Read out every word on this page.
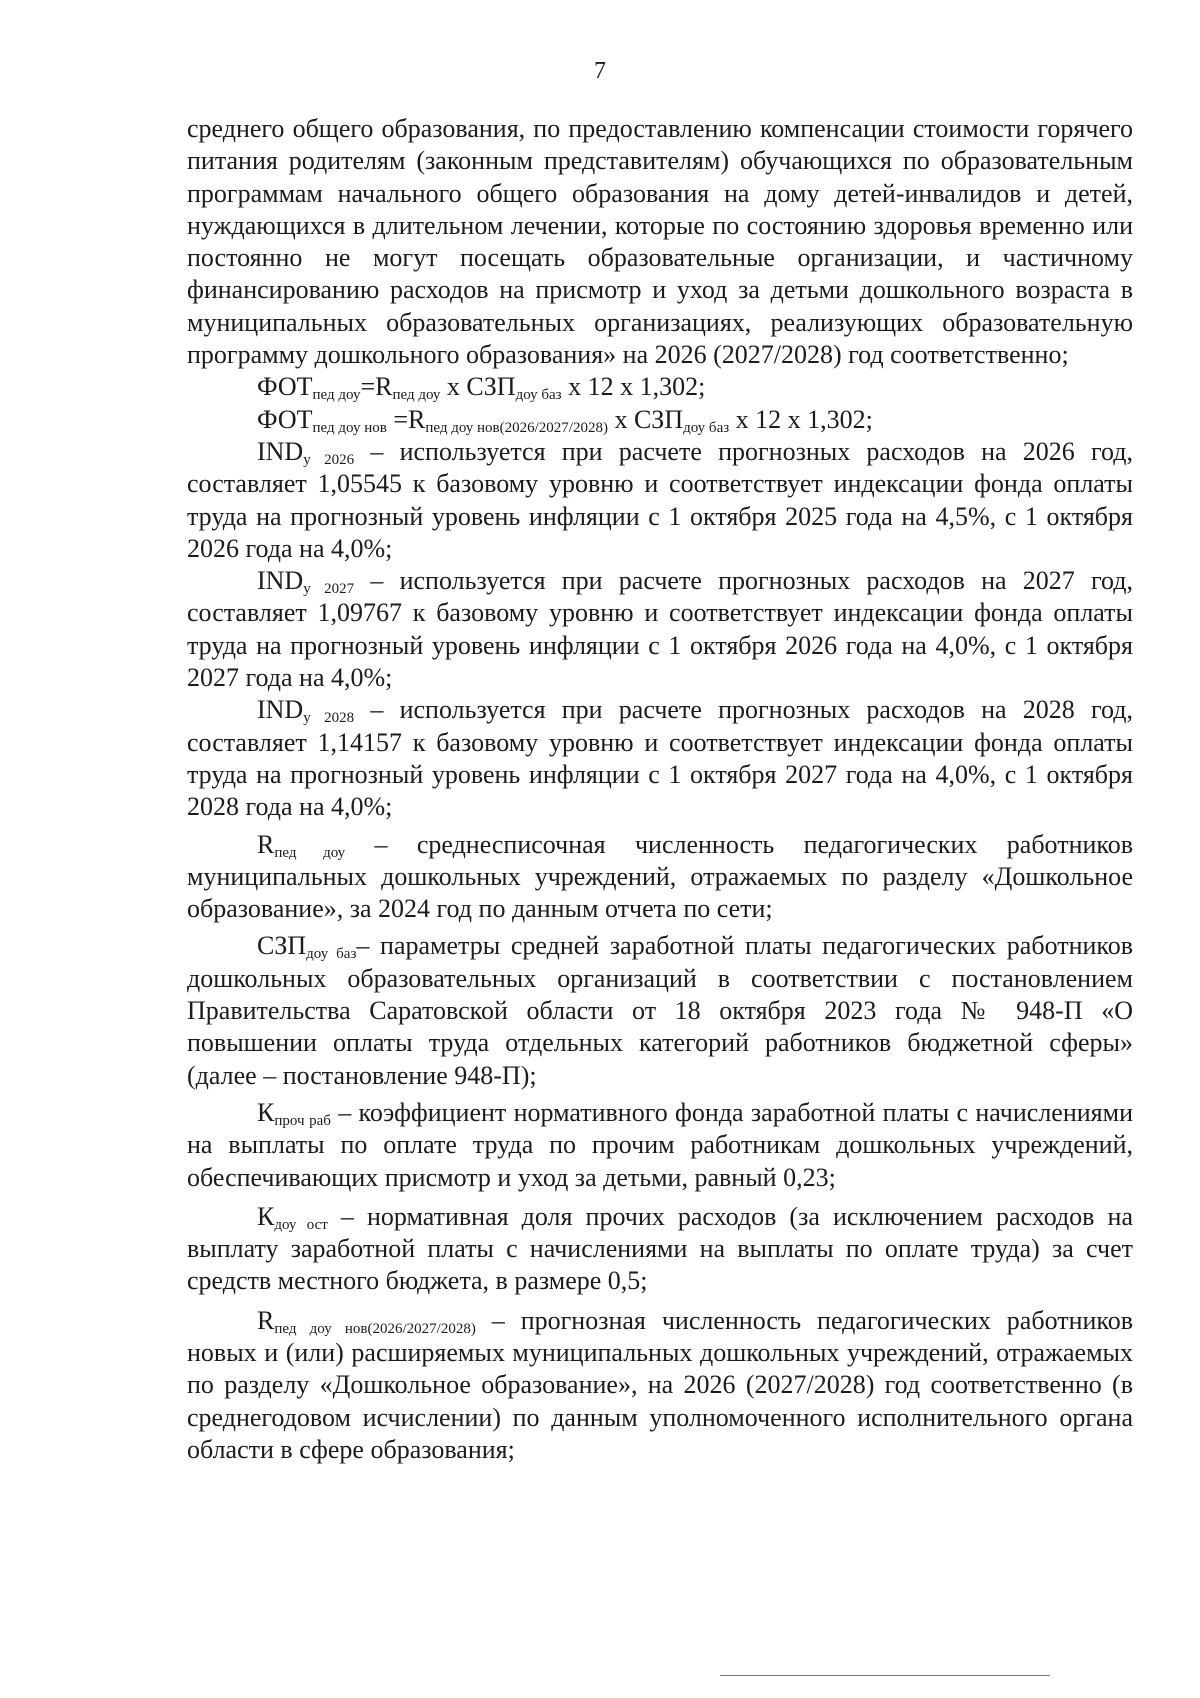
7

среднего общего образования, по предоставлению компенсации стоимости горячего питания родителям (законным представителям) обучающихся по образовательным программам начального общего образования на дому детей-инвалидов и детей, нуждающихся в длительном лечении, которые по состоянию здоровья временно или постоянно не могут посещать образовательные организации, и частичному финансированию расходов на присмотр и уход за детьми дошкольного возраста в муниципальных образовательных организациях, реализующих образовательную программу дошкольного образования» на 2026 (2027/2028) год соответственно;

$ФОТ_{пед доу}=R_{пед доу}$ х $СЗП_{доу баз}$ х 12 х 1,302;

$ФОТ_{пед доу нов} =R_{пед доу нов(2026/2027/2028)}$ х $СЗП_{доу баз}$ х 12 х 1,302;

$IND_{у 2026}$ – используется при расчете прогнозных расходов на 2026 год, составляет 1,05545 к базовому уровню и соответствует индексации фонда оплаты труда на прогнозный уровень инфляции с 1 октября 2025 года на 4,5%, с 1 октября 2026 года на 4,0%;

$IND_{у 2027}$ – используется при расчете прогнозных расходов на 2027 год, составляет 1,09767 к базовому уровню и соответствует индексации фонда оплаты труда на прогнозный уровень инфляции с 1 октября 2026 года на 4,0%, с 1 октября 2027 года на 4,0%;

$IND_{у 2028}$ – используется при расчете прогнозных расходов на 2028 год, составляет 1,14157 к базовому уровню и соответствует индексации фонда оплаты труда на прогнозный уровень инфляции с 1 октября 2027 года на 4,0%, с 1 октября 2028 года на 4,0%;

$R_{пед доу}$ – среднесписочная численность педагогических работников муниципальных дошкольных учреждений, отражаемых по разделу «Дошкольное образование», за 2024 год по данным отчета по сети;

$СЗП_{доу баз}-$ параметры средней заработной платы педагогических работников дошкольных образовательных организаций в соответствии с постановлением Правительства Саратовской области от 18 октября 2023 года № 948-П «О повышении оплаты труда отдельных категорий работников бюджетной сферы» (далее – постановление 948-П);

$К_{проч раб}$ – коэффициент нормативного фонда заработной платы с начислениями на выплаты по оплате труда по прочим работникам дошкольных учреждений, обеспечивающих присмотр и уход за детьми, равный 0,23;

$К_{доу ост}$ – нормативная доля прочих расходов (за исключением расходов на выплату заработной платы с начислениями на выплаты по оплате труда) за счет средств местного бюджета, в размере 0,5;

$R_{пед доу нов(2026/2027/2028)}$ – прогнозная численность педагогических работников новых и (или) расширяемых муниципальных дошкольных учреждений, отражаемых по разделу «Дошкольное образование», на 2026 (2027/2028) год соответственно (в среднегодовом исчислении) по данным уполномоченного исполнительного органа области в сфере образования;
